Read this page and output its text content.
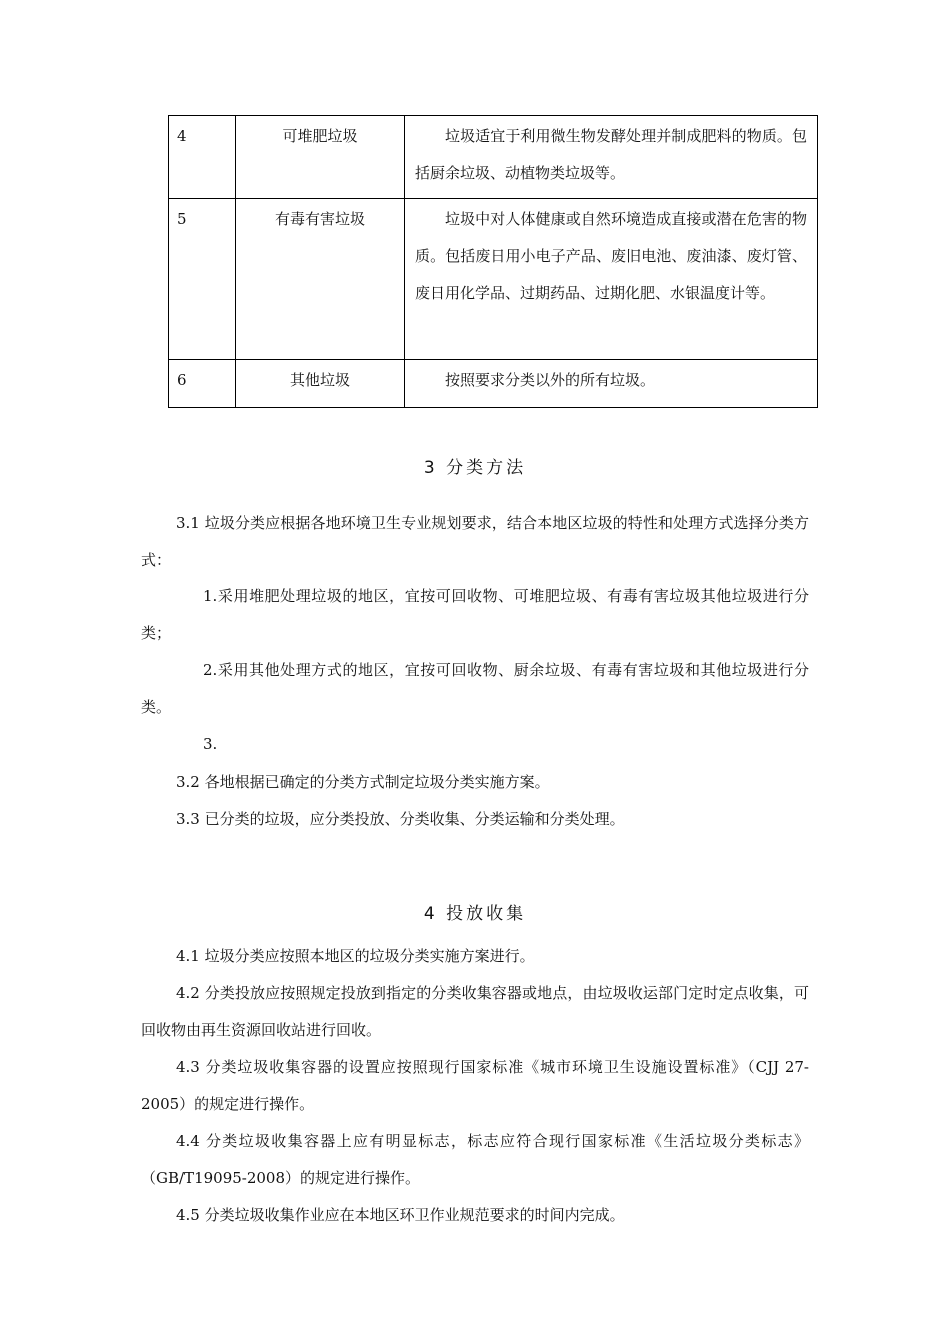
4	可堆肥垃圾	垃圾适宜于利用微生物发酵处理并制成肥料的物质。包括厨余垃圾、动植物类垃圾等。
5	有毒有害垃圾	垃圾中对人体健康或自然环境造成直接或潜在危害的物质。包括废日用小电子产品、废旧电池、废油漆、废灯管、废日用化学品、过期药品、过期化肥、水银温度计等。
6	其他垃圾	按照要求分类以外的所有垃圾。
3 分类方法

3.1 垃圾分类应根据各地环境卫生专业规划要求，结合本地区垃圾的特性和处理方式选择分类方式：

1.采用堆肥处理垃圾的地区，宜按可回收物、可堆肥垃圾、有毒有害垃圾其他垃圾进行分类；

2.采用其他处理方式的地区，宜按可回收物、厨余垃圾、有毒有害垃圾和其他垃圾进行分类。

3.

3.2 各地根据已确定的分类方式制定垃圾分类实施方案。

3.3 已分类的垃圾，应分类投放、分类收集、分类运输和分类处理。

4 投放收集

4.1 垃圾分类应按照本地区的垃圾分类实施方案进行。

4.2 分类投放应按照规定投放到指定的分类收集容器或地点，由垃圾收运部门定时定点收集，可回收物由再生资源回收站进行回收。

4.3 分类垃圾收集容器的设置应按照现行国家标准《城市环境卫生设施设置标准》（CJJ 27-2005）的规定进行操作。

4.4 分类垃圾收集容器上应有明显标志，标志应符合现行国家标准《生活垃圾分类标志》（GB/T19095-2008）的规定进行操作。

4.5 分类垃圾收集作业应在本地区环卫作业规范要求的时间内完成。
